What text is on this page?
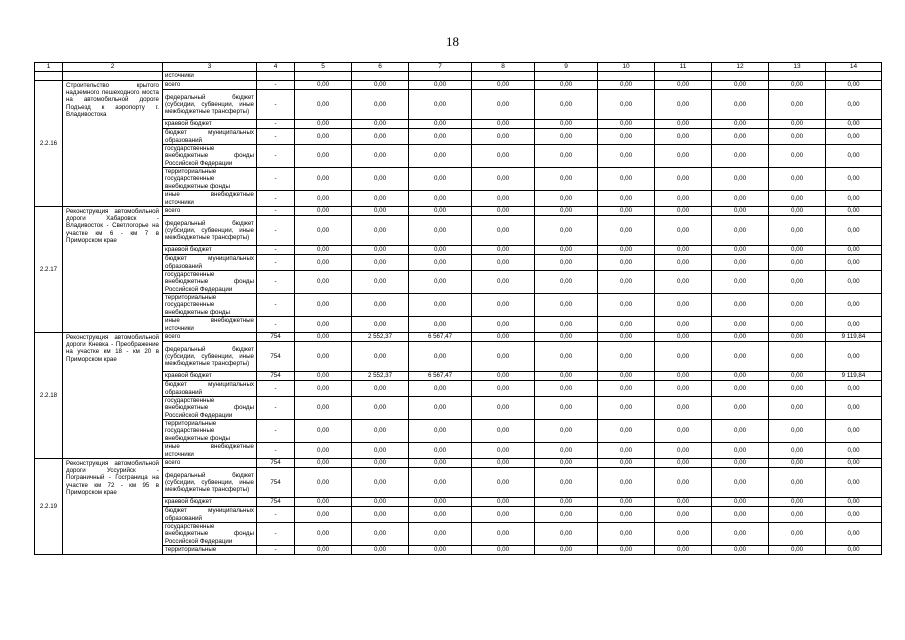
18
1	2	3	4	5	6	7	8	9	10	11	12	13	14
		источники											
2.2.16	Строительство крытого надземного пешеходного моста на автомобильной дороге Подъезд к аэропорту г. Владивостока	всего	-	0,00	0,00	0,00	0,00	0,00	0,00	0,00	0,00	0,00	0,00
		федеральный бюджет (субсидии, субвенции, иные межбюджетные трансферты)	-	0,00	0,00	0,00	0,00	0,00	0,00	0,00	0,00	0,00	0,00
		краевой бюджет	-	0,00	0,00	0,00	0,00	0,00	0,00	0,00	0,00	0,00	0,00
		бюджет муниципальных образований	-	0,00	0,00	0,00	0,00	0,00	0,00	0,00	0,00	0,00	0,00
		государственные внебюджетные фонды Российской Федерации	-	0,00	0,00	0,00	0,00	0,00	0,00	0,00	0,00	0,00	0,00
		территориальные государственные внебюджетные фонды	-	0,00	0,00	0,00	0,00	0,00	0,00	0,00	0,00	0,00	0,00
		иные внебюджетные источники	-	0,00	0,00	0,00	0,00	0,00	0,00	0,00	0,00	0,00	0,00
2.2.17	Реконструкция автомобильной дороги Хабаровск - Владивосток - Светлогорье на участке км 6 - км 7 в Приморском крае	всего	-	0,00	0,00	0,00	0,00	0,00	0,00	0,00	0,00	0,00	0,00
		федеральный бюджет (субсидии, субвенции, иные межбюджетные трансферты)	-	0,00	0,00	0,00	0,00	0,00	0,00	0,00	0,00	0,00	0,00
		краевой бюджет	-	0,00	0,00	0,00	0,00	0,00	0,00	0,00	0,00	0,00	0,00
		бюджет муниципальных образований	-	0,00	0,00	0,00	0,00	0,00	0,00	0,00	0,00	0,00	0,00
		государственные внебюджетные фонды Российской Федерации	-	0,00	0,00	0,00	0,00	0,00	0,00	0,00	0,00	0,00	0,00
		территориальные государственные внебюджетные фонды	-	0,00	0,00	0,00	0,00	0,00	0,00	0,00	0,00	0,00	0,00
		иные внебюджетные источники	-	0,00	0,00	0,00	0,00	0,00	0,00	0,00	0,00	0,00	0,00
2.2.18	Реконструкция автомобильной дороги Кневка - Преображение на участке км 18 - км 20 в Приморском крае	всего	754	0,00	2 552,37	6 567,47	0,00	0,00	0,00	0,00	0,00	0,00	9 119,84
		федеральный бюджет (субсидии, субвенции, иные межбюджетные трансферты)	754	0,00	0,00	0,00	0,00	0,00	0,00	0,00	0,00	0,00	0,00
		краевой бюджет	754	0,00	2 552,37	6 567,47	0,00	0,00	0,00	0,00	0,00	0,00	9 119,84
		бюджет муниципальных образований	-	0,00	0,00	0,00	0,00	0,00	0,00	0,00	0,00	0,00	0,00
		государственные внебюджетные фонды Российской Федерации	-	0,00	0,00	0,00	0,00	0,00	0,00	0,00	0,00	0,00	0,00
		территориальные государственные внебюджетные фонды	-	0,00	0,00	0,00	0,00	0,00	0,00	0,00	0,00	0,00	0,00
		иные внебюджетные источники	-	0,00	0,00	0,00	0,00	0,00	0,00	0,00	0,00	0,00	0,00
2.2.19	Реконструкция автомобильной дороги Уссурийск - Пограничный - Госграница на участке км 72 - км 95 в Приморском крае	всего	754	0,00	0,00	0,00	0,00	0,00	0,00	0,00	0,00	0,00	0,00
		федеральный бюджет (субсидии, субвенции, иные межбюджетные трансферты)	754	0,00	0,00	0,00	0,00	0,00	0,00	0,00	0,00	0,00	0,00
		краевой бюджет	754	0,00	0,00	0,00	0,00	0,00	0,00	0,00	0,00	0,00	0,00
		бюджет муниципальных образований	-	0,00	0,00	0,00	0,00	0,00	0,00	0,00	0,00	0,00	0,00
		государственные внебюджетные фонды Российской Федерации	-	0,00	0,00	0,00	0,00	0,00	0,00	0,00	0,00	0,00	0,00
		территориальные	-	0,00	0,00	0,00	0,00	0,00	0,00	0,00	0,00	0,00	0,00
